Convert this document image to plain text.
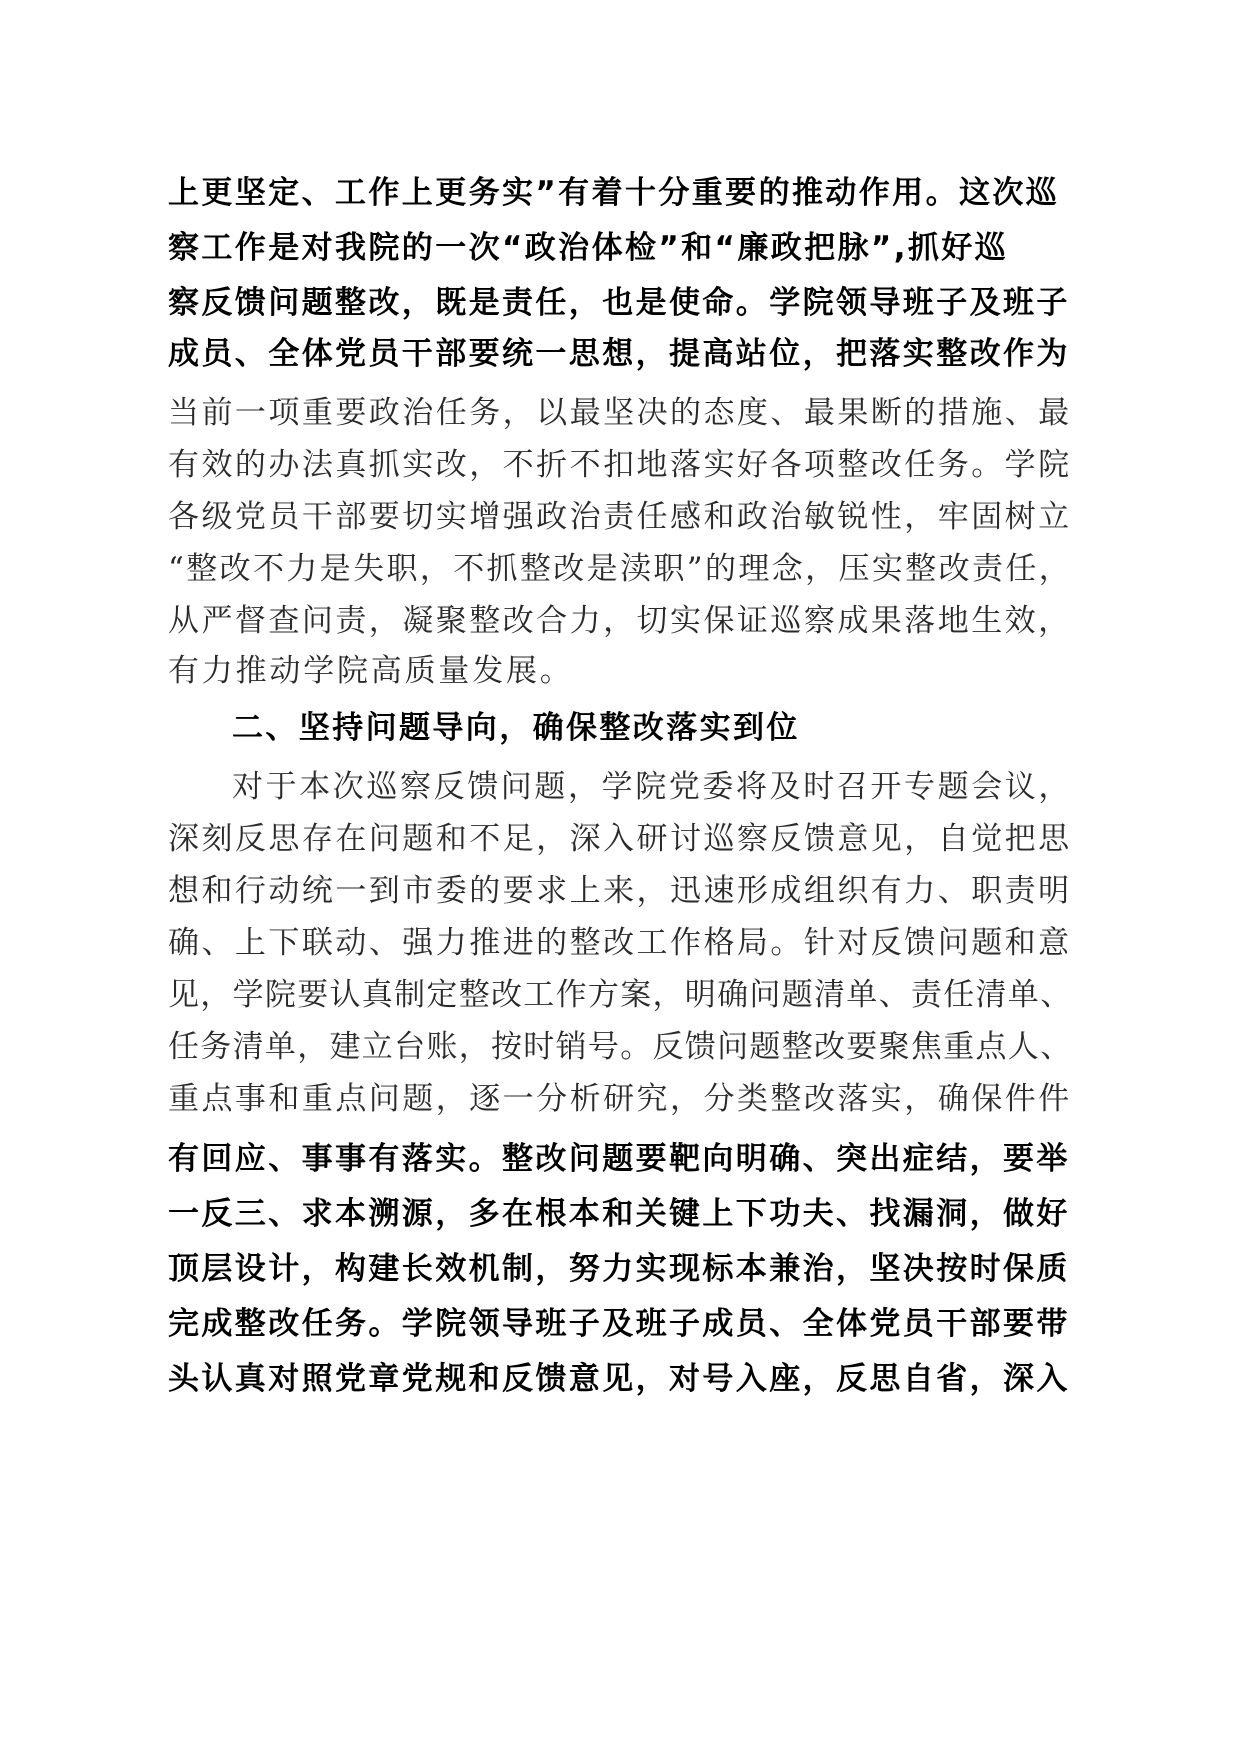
上更坚定、工作上更务实”有着十分重要的推动作用。这次巡
察工作是对我院的一次“政治体检”和“廉政把脉”,抓好巡
察反馈问题整改，既是责任，也是使命。学院领导班子及班子
成员、全体党员干部要统一思想，提高站位，把落实整改作为
当前一项重要政治任务，以最坚决的态度、最果断的措施、最
有效的办法真抓实改，不折不扣地落实好各项整改任务。学院
各级党员干部要切实增强政治责任感和政治敏锐性，牢固树立
“整改不力是失职，不抓整改是渎职”的理念，压实整改责任，
从严督查问责，凝聚整改合力，切实保证巡察成果落地生效，
有力推动学院高质量发展。
二、坚持问题导向，确保整改落实到位
对于本次巡察反馈问题，学院党委将及时召开专题会议，
深刻反思存在问题和不足，深入研讨巡察反馈意见，自觉把思
想和行动统一到市委的要求上来，迅速形成组织有力、职责明
确、上下联动、强力推进的整改工作格局。针对反馈问题和意
见，学院要认真制定整改工作方案，明确问题清单、责任清单、
任务清单，建立台账，按时销号。反馈问题整改要聚焦重点人、
重点事和重点问题，逐一分析研究，分类整改落实，确保件件
有回应、事事有落实。整改问题要靶向明确、突出症结，要举
一反三、求本溯源，多在根本和关键上下功夫、找漏洞，做好
顶层设计，构建长效机制，努力实现标本兼治，坚决按时保质
完成整改任务。学院领导班子及班子成员、全体党员干部要带
头认真对照党章党规和反馈意见，对号入座，反思自省，深入
